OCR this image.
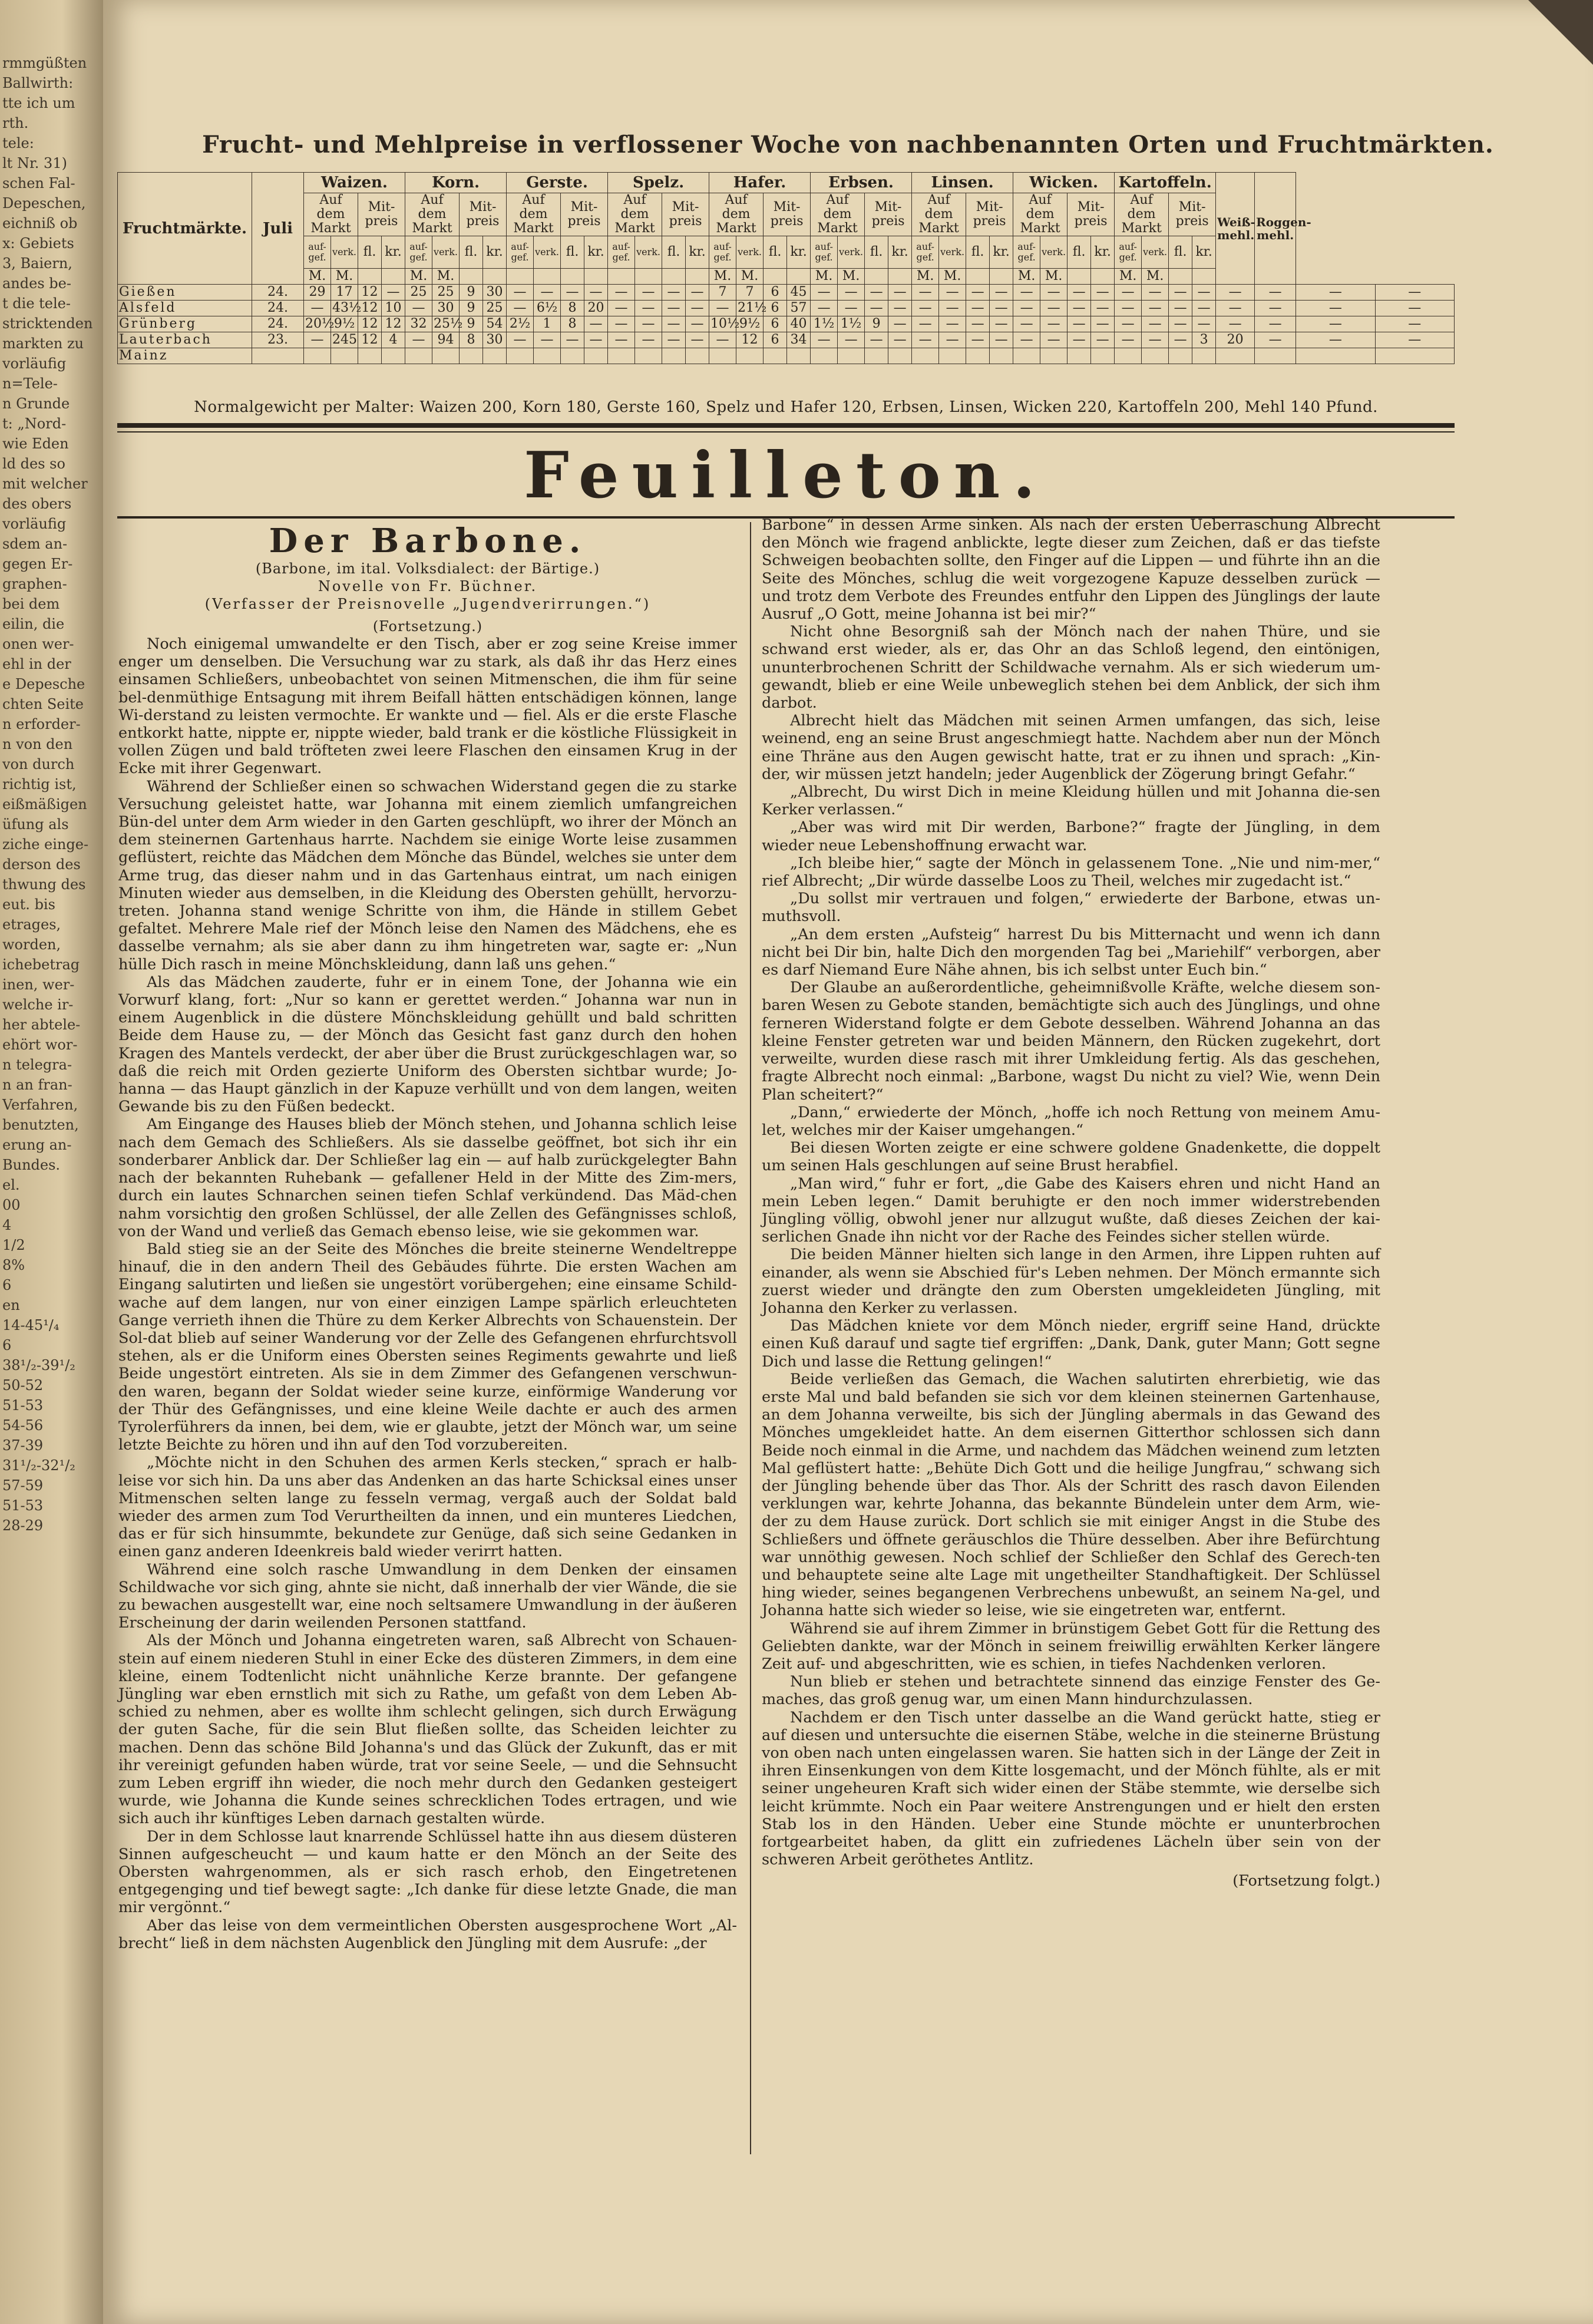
rmmgüßten
Ballwirth:
tte ich um
rth.
tele:
lt Nr. 31)
schen Fal-
Depeschen,
eichniß ob
x: Gebiets
3, Baiern,
andes be-
t die tele-
stricktenden
markten zu
vorläufig
n=Tele-
n Grunde
t: „Nord-
wie Eden
ld des so
mit welcher
des obers
vorläufig
sdem an-
gegen Er-
graphen-
bei dem
eilin, die
onen wer-
ehl in der
e Depesche
chten Seite
n erforder-
n von den
von durch
richtig ist,
eißmäßigen
üfung als
ziche einge-
derson des
thwung des
eut. bis
etrages,
worden,
ichebetrag
inen, wer-
welche ir-
her abtele-
ehört wor-
n telegra-
n an fran-
Verfahren,
benutzten,
erung an-
Bundes.
el.
00
4
1/2
8%
6
en
14-45¹/₄
6
38¹/₂-39¹/₂
50-52
51-53
54-56
37-39
31¹/₂-32¹/₂
57-59
51-53
28-29
Frucht- und Mehlpreise in verflossener Woche von nachbenannten Orten und Fruchtmärkten.
Fruchtmärkte.	Juli	Waizen.				Korn.				Gerste.				Spelz.				Hafer.				Erbsen.				Linsen.				Wicken.				Kartoffeln.				Weiß-mehl.	Roggen-mehl.		
		Auf dem Markt		Mit-preis		Auf dem Markt		Mit-preis		Auf dem Markt		Mit-preis		Auf dem Markt		Mit-preis		Auf dem Markt		Mit-preis		Auf dem Markt		Mit-preis		Auf dem Markt		Mit-preis		Auf dem Markt		Mit-preis		Auf dem Markt		Mit-preis					
		auf-gef.	verk.	fl.	kr.	auf-gef.	verk.	fl.	kr.	auf-gef.	verk.	fl.	kr.	auf-gef.	verk.	fl.	kr.	auf-gef.	verk.	fl.	kr.	auf-gef.	verk.	fl.	kr.	auf-gef.	verk.	fl.	kr.	auf-gef.	verk.	fl.	kr.	auf-gef.	verk.	fl.	kr.				
		M.	M.			M.	M.											M.	M.			M.	M.			M.	M.			M.	M.			M.	M.						
Gießen	24.	29	17	12	—	25	25	9	30	—	—	—	—	—	—	—	—	7	7	6	45	—	—	—	—	—	—	—	—	—	—	—	—	—	—	—	—	—	—	—	—
Alsfeld	24.	—	43½	12	10	—	30	9	25	—	6½	8	20	—	—	—	—	—	21½	6	57	—	—	—	—	—	—	—	—	—	—	—	—	—	—	—	—	—	—	—	—
Grünberg	24.	20½	9½	12	12	32	25½	9	54	2½	1	8	—	—	—	—	—	10½	9½	6	40	1½	1½	9	—	—	—	—	—	—	—	—	—	—	—	—	—	—	—	—	—
Lauterbach	23.	—	245	12	4	—	94	8	30	—	—	—	—	—	—	—	—	—	12	6	34	—	—	—	—	—	—	—	—	—	—	—	—	—	—	—	3	20	—	—	—
Mainz																																									
Normalgewicht per Malter: Waizen 200, Korn 180, Gerste 160, Spelz und Hafer 120, Erbsen, Linsen, Wicken 220, Kartoffeln 200, Mehl 140 Pfund.
Feuilleton.

Der Barbone.

(Barbone, im ital. Volksdialect: der Bärtige.)

Novelle von Fr. Büchner.

(Verfasser der Preisnovelle „Jugendverirrungen.“)

(Fortsetzung.)

Noch einigemal umwandelte er den Tisch, aber er zog seine Kreise immer enger um denselben. Die Versuchung war zu stark, als daß ihr das Herz eines einsamen Schließers, unbeobachtet von seinen Mitmenschen, die ihm für seine bel-denmüthige Entsagung mit ihrem Beifall hätten entschädigen können, lange Wi-derstand zu leisten vermochte. Er wankte und — fiel. Als er die erste Flasche entkorkt hatte, nippte er, nippte wieder, bald trank er die köstliche Flüssigkeit in vollen Zügen und bald tröfteten zwei leere Flaschen den einsamen Krug in der Ecke mit ihrer Gegenwart.

Während der Schließer einen so schwachen Widerstand gegen die zu starke Versuchung geleistet hatte, war Johanna mit einem ziemlich umfangreichen Bün-del unter dem Arm wieder in den Garten geschlüpft, wo ihrer der Mönch an dem steinernen Gartenhaus harrte. Nachdem sie einige Worte leise zusammen geflüstert, reichte das Mädchen dem Mönche das Bündel, welches sie unter dem Arme trug, das dieser nahm und in das Gartenhaus eintrat, um nach einigen Minuten wieder aus demselben, in die Kleidung des Obersten gehüllt, hervorzu-treten. Johanna stand wenige Schritte von ihm, die Hände in stillem Gebet gefaltet. Mehrere Male rief der Mönch leise den Namen des Mädchens, ehe es dasselbe vernahm; als sie aber dann zu ihm hingetreten war, sagte er: „Nun hülle Dich rasch in meine Mönchskleidung, dann laß uns gehen.“

Als das Mädchen zauderte, fuhr er in einem Tone, der Johanna wie ein Vorwurf klang, fort: „Nur so kann er gerettet werden.“ Johanna war nun in einem Augenblick in die düstere Mönchskleidung gehüllt und bald schritten Beide dem Hause zu, — der Mönch das Gesicht fast ganz durch den hohen Kragen des Mantels verdeckt, der aber über die Brust zurückgeschlagen war, so daß die reich mit Orden gezierte Uniform des Obersten sichtbar wurde; Jo-hanna — das Haupt gänzlich in der Kapuze verhüllt und von dem langen, weiten Gewande bis zu den Füßen bedeckt.

Am Eingange des Hauses blieb der Mönch stehen, und Johanna schlich leise nach dem Gemach des Schließers. Als sie dasselbe geöffnet, bot sich ihr ein sonderbarer Anblick dar. Der Schließer lag ein — auf halb zurückgelegter Bahn nach der bekannten Ruhebank — gefallener Held in der Mitte des Zim-mers, durch ein lautes Schnarchen seinen tiefen Schlaf verkündend. Das Mäd-chen nahm vorsichtig den großen Schlüssel, der alle Zellen des Gefängnisses schloß, von der Wand und verließ das Gemach ebenso leise, wie sie gekommen war.

Bald stieg sie an der Seite des Mönches die breite steinerne Wendeltreppe hinauf, die in den andern Theil des Gebäudes führte. Die ersten Wachen am Eingang salutirten und ließen sie ungestört vorübergehen; eine einsame Schild-wache auf dem langen, nur von einer einzigen Lampe spärlich erleuchteten Gange verrieth ihnen die Thüre zu dem Kerker Albrechts von Schauenstein. Der Sol-dat blieb auf seiner Wanderung vor der Zelle des Gefangenen ehrfurchtsvoll stehen, als er die Uniform eines Obersten seines Regiments gewahrte und ließ Beide ungestört eintreten. Als sie in dem Zimmer des Gefangenen verschwun-den waren, begann der Soldat wieder seine kurze, einförmige Wanderung vor der Thür des Gefängnisses, und eine kleine Weile dachte er auch des armen Tyrolerführers da innen, bei dem, wie er glaubte, jetzt der Mönch war, um seine letzte Beichte zu hören und ihn auf den Tod vorzubereiten.

„Möchte nicht in den Schuhen des armen Kerls stecken,“ sprach er halb-leise vor sich hin. Da uns aber das Andenken an das harte Schicksal eines unser Mitmenschen selten lange zu fesseln vermag, vergaß auch der Soldat bald wieder des armen zum Tod Verurtheilten da innen, und ein munteres Liedchen, das er für sich hinsummte, bekundete zur Genüge, daß sich seine Gedanken in einen ganz anderen Ideenkreis bald wieder verirrt hatten.

Während eine solch rasche Umwandlung in dem Denken der einsamen Schildwache vor sich ging, ahnte sie nicht, daß innerhalb der vier Wände, die sie zu bewachen ausgestellt war, eine noch seltsamere Umwandlung in der äußeren Erscheinung der darin weilenden Personen stattfand.

Als der Mönch und Johanna eingetreten waren, saß Albrecht von Schauen-stein auf einem niederen Stuhl in einer Ecke des düsteren Zimmers, in dem eine kleine, einem Todtenlicht nicht unähnliche Kerze brannte. Der gefangene Jüngling war eben ernstlich mit sich zu Rathe, um gefaßt von dem Leben Ab-schied zu nehmen, aber es wollte ihm schlecht gelingen, sich durch Erwägung der guten Sache, für die sein Blut fließen sollte, das Scheiden leichter zu machen. Denn das schöne Bild Johanna's und das Glück der Zukunft, das er mit ihr vereinigt gefunden haben würde, trat vor seine Seele, — und die Sehnsucht zum Leben ergriff ihn wieder, die noch mehr durch den Gedanken gesteigert wurde, wie Johanna die Kunde seines schrecklichen Todes ertragen, und wie sich auch ihr künftiges Leben darnach gestalten würde.

Der in dem Schlosse laut knarrende Schlüssel hatte ihn aus diesem düsteren Sinnen aufgescheucht — und kaum hatte er den Mönch an der Seite des Obersten wahrgenommen, als er sich rasch erhob, den Eingetretenen entgegenging und tief bewegt sagte: „Ich danke für diese letzte Gnade, die man mir vergönnt.“

Aber das leise von dem vermeintlichen Obersten ausgesprochene Wort „Al-brecht“ ließ in dem nächsten Augenblick den Jüngling mit dem Ausrufe: „der

Barbone“ in dessen Arme sinken. Als nach der ersten Ueberraschung Albrecht den Mönch wie fragend anblickte, legte dieser zum Zeichen, daß er das tiefste Schweigen beobachten sollte, den Finger auf die Lippen — und führte ihn an die Seite des Mönches, schlug die weit vorgezogene Kapuze desselben zurück — und trotz dem Verbote des Freundes entfuhr den Lippen des Jünglings der laute Ausruf „O Gott, meine Johanna ist bei mir?“

Nicht ohne Besorgniß sah der Mönch nach der nahen Thüre, und sie schwand erst wieder, als er, das Ohr an das Schloß legend, den eintönigen, ununterbrochenen Schritt der Schildwache vernahm. Als er sich wiederum um-gewandt, blieb er eine Weile unbeweglich stehen bei dem Anblick, der sich ihm darbot.

Albrecht hielt das Mädchen mit seinen Armen umfangen, das sich, leise weinend, eng an seine Brust angeschmiegt hatte. Nachdem aber nun der Mönch eine Thräne aus den Augen gewischt hatte, trat er zu ihnen und sprach: „Kin-der, wir müssen jetzt handeln; jeder Augenblick der Zögerung bringt Gefahr.“

„Albrecht, Du wirst Dich in meine Kleidung hüllen und mit Johanna die-sen Kerker verlassen.“

„Aber was wird mit Dir werden, Barbone?“ fragte der Jüngling, in dem wieder neue Lebenshoffnung erwacht war.

„Ich bleibe hier,“ sagte der Mönch in gelassenem Tone. „Nie und nim-mer,“ rief Albrecht; „Dir würde dasselbe Loos zu Theil, welches mir zugedacht ist.“

„Du sollst mir vertrauen und folgen,“ erwiederte der Barbone, etwas un-muthsvoll.

„An dem ersten „Aufsteig“ harrest Du bis Mitternacht und wenn ich dann nicht bei Dir bin, halte Dich den morgenden Tag bei „Mariehilf“ verborgen, aber es darf Niemand Eure Nähe ahnen, bis ich selbst unter Euch bin.“

Der Glaube an außerordentliche, geheimnißvolle Kräfte, welche diesem son-baren Wesen zu Gebote standen, bemächtigte sich auch des Jünglings, und ohne ferneren Widerstand folgte er dem Gebote desselben. Während Johanna an das kleine Fenster getreten war und beiden Männern, den Rücken zugekehrt, dort verweilte, wurden diese rasch mit ihrer Umkleidung fertig. Als das geschehen, fragte Albrecht noch einmal: „Barbone, wagst Du nicht zu viel? Wie, wenn Dein Plan scheitert?“

„Dann,“ erwiederte der Mönch, „hoffe ich noch Rettung von meinem Amu-let, welches mir der Kaiser umgehangen.“

Bei diesen Worten zeigte er eine schwere goldene Gnadenkette, die doppelt um seinen Hals geschlungen auf seine Brust herabfiel.

„Man wird,“ fuhr er fort, „die Gabe des Kaisers ehren und nicht Hand an mein Leben legen.“ Damit beruhigte er den noch immer widerstrebenden Jüngling völlig, obwohl jener nur allzugut wußte, daß dieses Zeichen der kai-serlichen Gnade ihn nicht vor der Rache des Feindes sicher stellen würde.

Die beiden Männer hielten sich lange in den Armen, ihre Lippen ruhten auf einander, als wenn sie Abschied für's Leben nehmen. Der Mönch ermannte sich zuerst wieder und drängte den zum Obersten umgekleideten Jüngling, mit Johanna den Kerker zu verlassen.

Das Mädchen kniete vor dem Mönch nieder, ergriff seine Hand, drückte einen Kuß darauf und sagte tief ergriffen: „Dank, Dank, guter Mann; Gott segne Dich und lasse die Rettung gelingen!“

Beide verließen das Gemach, die Wachen salutirten ehrerbietig, wie das erste Mal und bald befanden sie sich vor dem kleinen steinernen Gartenhause, an dem Johanna verweilte, bis sich der Jüngling abermals in das Gewand des Mönches umgekleidet hatte. An dem eisernen Gitterthor schlossen sich dann Beide noch einmal in die Arme, und nachdem das Mädchen weinend zum letzten Mal geflüstert hatte: „Behüte Dich Gott und die heilige Jungfrau,“ schwang sich der Jüngling behende über das Thor. Als der Schritt des rasch davon Eilenden verklungen war, kehrte Johanna, das bekannte Bündelein unter dem Arm, wie-der zu dem Hause zurück. Dort schlich sie mit einiger Angst in die Stube des Schließers und öffnete geräuschlos die Thüre desselben. Aber ihre Befürchtung war unnöthig gewesen. Noch schlief der Schließer den Schlaf des Gerech-ten und behauptete seine alte Lage mit ungetheilter Standhaftigkeit. Der Schlüssel hing wieder, seines begangenen Verbrechens unbewußt, an seinem Na-gel, und Johanna hatte sich wieder so leise, wie sie eingetreten war, entfernt.

Während sie auf ihrem Zimmer in brünstigem Gebet Gott für die Rettung des Geliebten dankte, war der Mönch in seinem freiwillig erwählten Kerker längere Zeit auf- und abgeschritten, wie es schien, in tiefes Nachdenken verloren.

Nun blieb er stehen und betrachtete sinnend das einzige Fenster des Ge-maches, das groß genug war, um einen Mann hindurchzulassen.

Nachdem er den Tisch unter dasselbe an die Wand gerückt hatte, stieg er auf diesen und untersuchte die eisernen Stäbe, welche in die steinerne Brüstung von oben nach unten eingelassen waren. Sie hatten sich in der Länge der Zeit in ihren Einsenkungen von dem Kitte losgemacht, und der Mönch fühlte, als er mit seiner ungeheuren Kraft sich wider einen der Stäbe stemmte, wie derselbe sich leicht krümmte. Noch ein Paar weitere Anstrengungen und er hielt den ersten Stab los in den Händen. Ueber eine Stunde möchte er ununterbrochen fortgearbeitet haben, da glitt ein zufriedenes Lächeln über sein von der schweren Arbeit geröthetes Antlitz.

(Fortsetzung folgt.)
